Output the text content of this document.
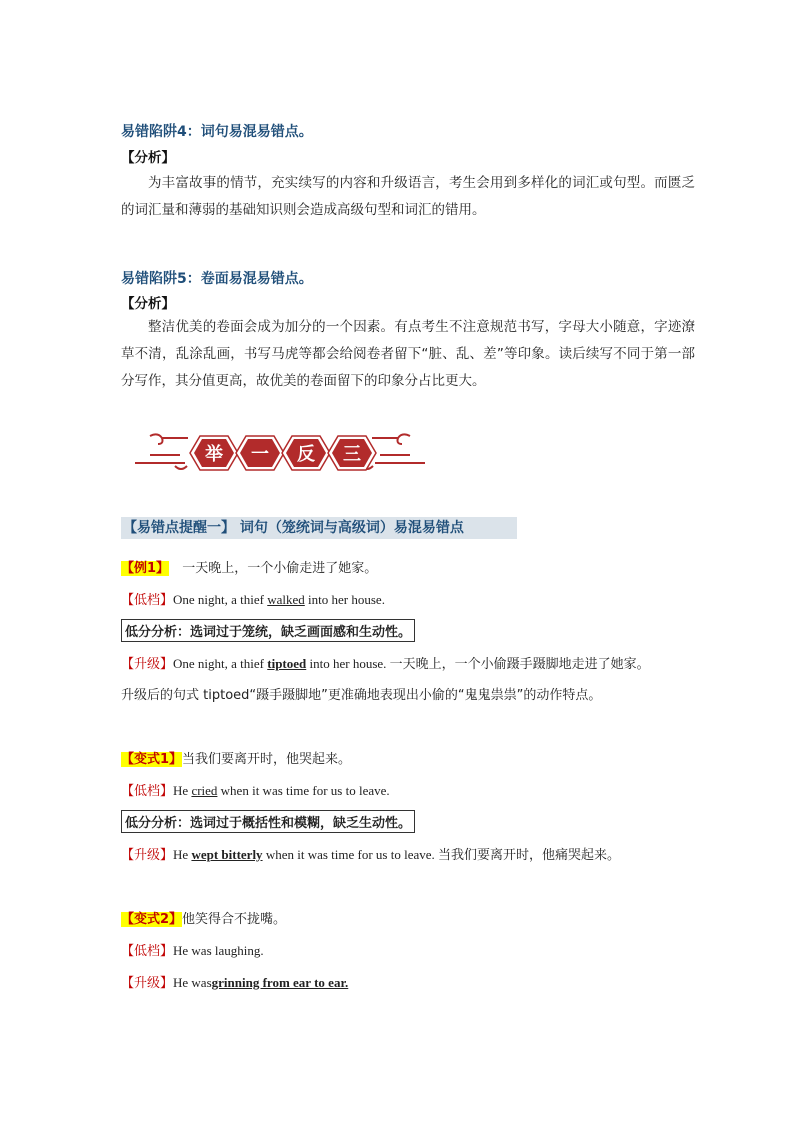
易错陷阱4：词句易混易错点。
【分析】
为丰富故事的情节，充实续写的内容和升级语言，考生会用到多样化的词汇或句型。而匮乏的词汇量和薄弱的基础知识则会造成高级句型和词汇的错用。
易错陷阱5：卷面易混易错点。
【分析】
整洁优美的卷面会成为加分的一个因素。有点考生不注意规范书写，字母大小随意，字迹潦草不清，乱涂乱画，书写马虎等都会给阅卷者留下“脏、乱、差”等印象。读后续写不同于第一部分写作，其分值更高，故优美的卷面留下的印象分占比更大。
举 一 反 三
【易错点提醒一】 词句（笼统词与高级词）易混易错点
【例1】 一天晚上，一个小偷走进了她家。
【低档】One night, a thief walked into her house.
低分分析：选词过于笼统，缺乏画面感和生动性。
【升级】One night, a thief tiptoed into her house. 一天晚上，一个小偷蹑手蹑脚地走进了她家。
升级后的句式 tiptoed“蹑手蹑脚地”更准确地表现出小偷的“鬼鬼祟祟”的动作特点。
【变式1】当我们要离开时，他哭起来。
【低档】He cried when it was time for us to leave.
低分分析：选词过于概括性和模糊，缺乏生动性。
【升级】He wept bitterly when it was time for us to leave. 当我们要离开时，他痛哭起来。
【变式2】他笑得合不拢嘴。
【低档】He was laughing.
【升级】He wasgrinning from ear to ear.
